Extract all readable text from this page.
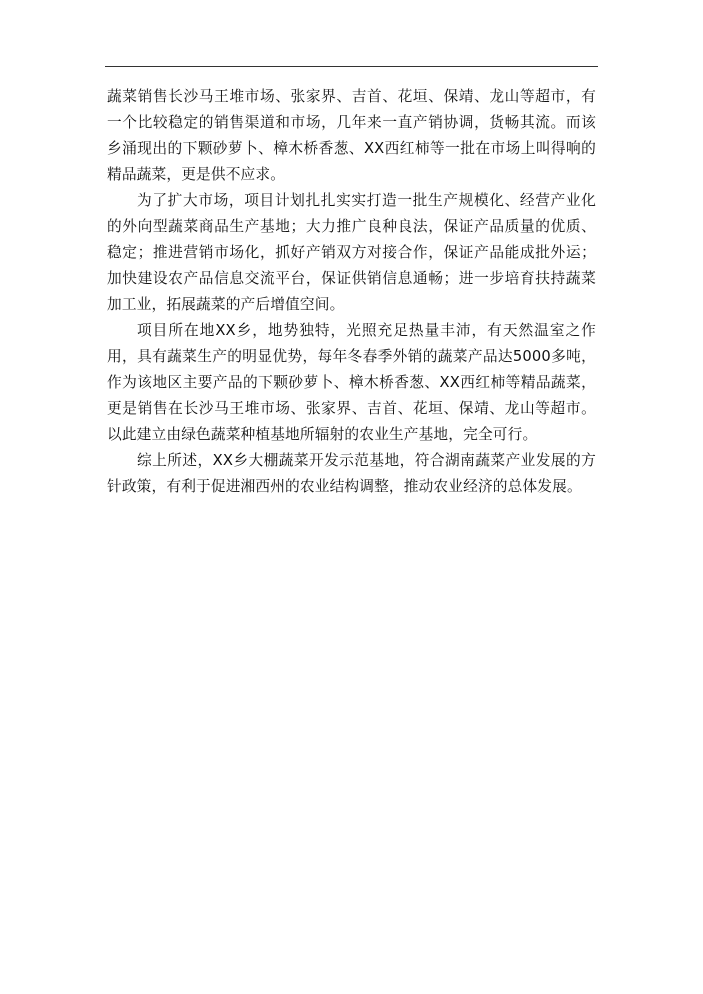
蔬菜销售长沙马王堆市场、张家界、吉首、花垣、保靖、龙山等超市，有一个比较稳定的销售渠道和市场，几年来一直产销协调，货畅其流。而该乡涌现出的下颗砂萝卜、樟木桥香葱、XX西红柿等一批在市场上叫得响的精品蔬菜，更是供不应求。

为了扩大市场，项目计划扎扎实实打造一批生产规模化、经营产业化的外向型蔬菜商品生产基地；大力推广良种良法，保证产品质量的优质、稳定；推进营销市场化，抓好产销双方对接合作，保证产品能成批外运；加快建设农产品信息交流平台，保证供销信息通畅；进一步培育扶持蔬菜加工业，拓展蔬菜的产后增值空间。

项目所在地XX乡，地势独特，光照充足热量丰沛，有天然温室之作用，具有蔬菜生产的明显优势，每年冬春季外销的蔬菜产品达5000多吨，作为该地区主要产品的下颗砂萝卜、樟木桥香葱、XX西红柿等精品蔬菜，更是销售在长沙马王堆市场、张家界、吉首、花垣、保靖、龙山等超市。以此建立由绿色蔬菜种植基地所辐射的农业生产基地，完全可行。

综上所述，XX乡大棚蔬菜开发示范基地，符合湖南蔬菜产业发展的方针政策，有利于促进湘西州的农业结构调整，推动农业经济的总体发展。
